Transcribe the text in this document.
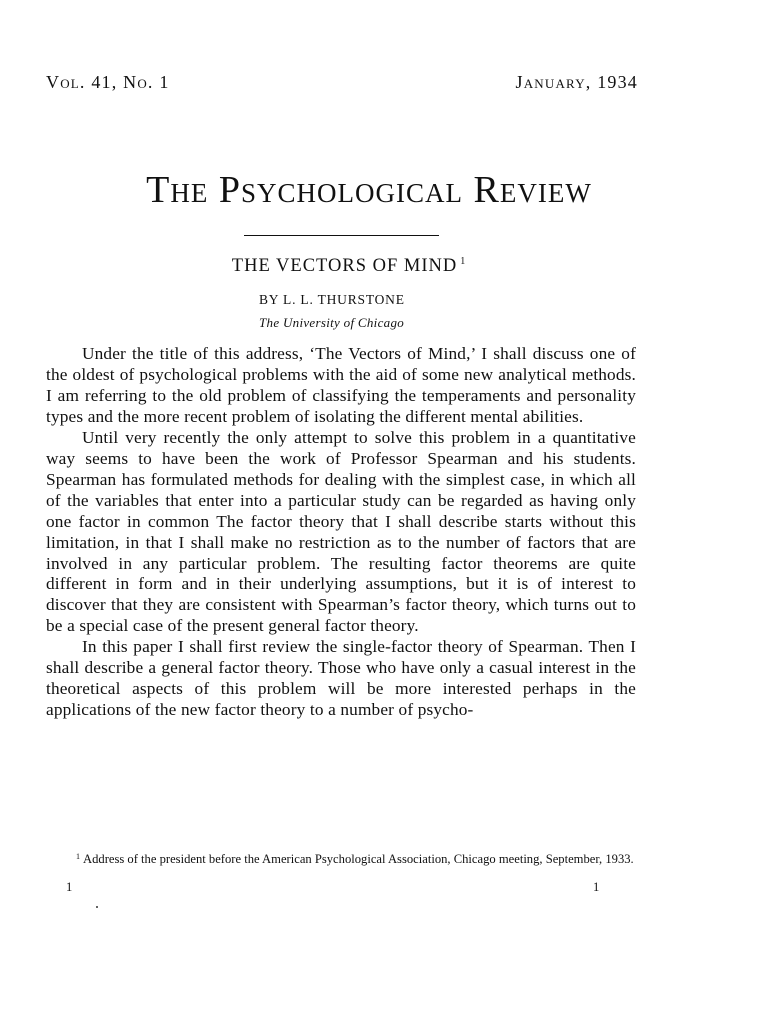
Vol. 41, No. 1	January, 1934
The Psychological Review
THE VECTORS OF MIND $^1$
BY L. L. THURSTONE
The University of Chicago

Under the title of this address, ‘The Vectors of Mind,’ I shall discuss one of the oldest of psychological problems with the aid of some new analytical methods. I am referring to the old problem of classifying the temperaments and personality types and the more recent problem of isolating the different mental abilities.

Until very recently the only attempt to solve this problem in a quantitative way seems to have been the work of Professor Spearman and his students. Spearman has formulated methods for dealing with the simplest case, in which all of the variables that enter into a particular study can be regarded as having only one factor in common The factor theory that I shall describe starts without this limitation, in that I shall make no restriction as to the number of factors that are involved in any particular problem. The resulting factor theorems are quite different in form and in their underlying assumptions, but it is of interest to discover that they are consistent with Spearman’s factor theory, which turns out to be a special case of the present general factor theory.

In this paper I shall first review the single-factor theory of Spearman. Then I shall describe a general factor theory. Those who have only a casual interest in the theoretical aspects of this problem will be more interested perhaps in the applications of the new factor theory to a number of psycho-

$^1$ Address of the president before the American Psychological Association, Chicago meeting, September, 1933.
1	1
